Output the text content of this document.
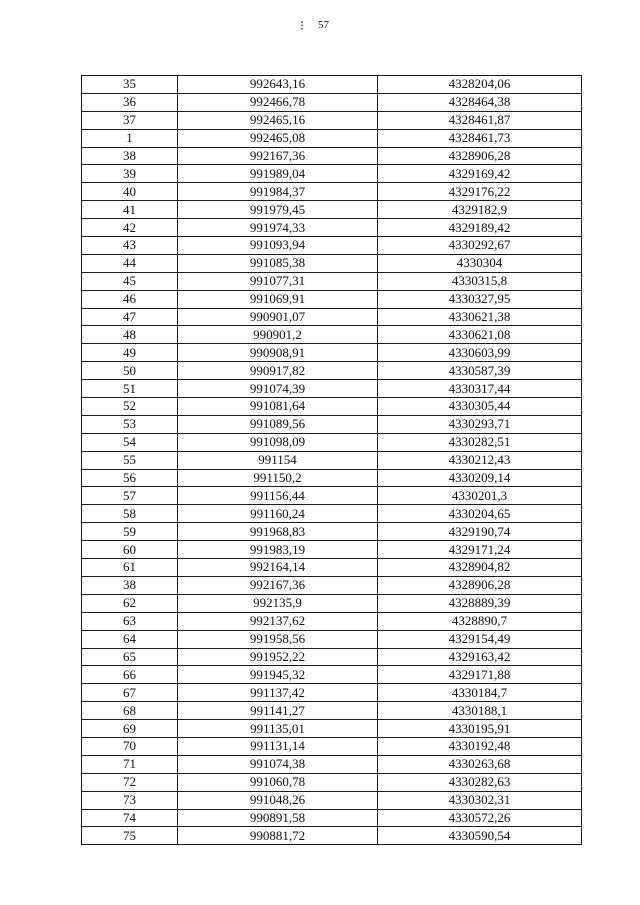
⁝ 57
35	992643,16	4328204,06
36	992466,78	4328464,38
37	992465,16	4328461,87
1	992465,08	4328461,73
38	992167,36	4328906,28
39	991989,04	4329169,42
40	991984,37	4329176,22
41	991979,45	4329182,9
42	991974,33	4329189,42
43	991093,94	4330292,67
44	991085,38	4330304
45	991077,31	4330315,8
46	991069,91	4330327,95
47	990901,07	4330621,38
48	990901,2	4330621,08
49	990908,91	4330603,99
50	990917,82	4330587,39
51	991074,39	4330317,44
52	991081,64	4330305,44
53	991089,56	4330293,71
54	991098,09	4330282,51
55	991154	4330212,43
56	991150,2	4330209,14
57	991156,44	4330201,3
58	991160,24	4330204,65
59	991968,83	4329190,74
60	991983,19	4329171,24
61	992164,14	4328904,82
38	992167,36	4328906,28
62	992135,9	4328889,39
63	992137,62	4328890,7
64	991958,56	4329154,49
65	991952,22	4329163,42
66	991945,32	4329171,88
67	991137,42	4330184,7
68	991141,27	4330188,1
69	991135,01	4330195,91
70	991131,14	4330192,48
71	991074,38	4330263,68
72	991060,78	4330282,63
73	991048,26	4330302,31
74	990891,58	4330572,26
75	990881,72	4330590,54
